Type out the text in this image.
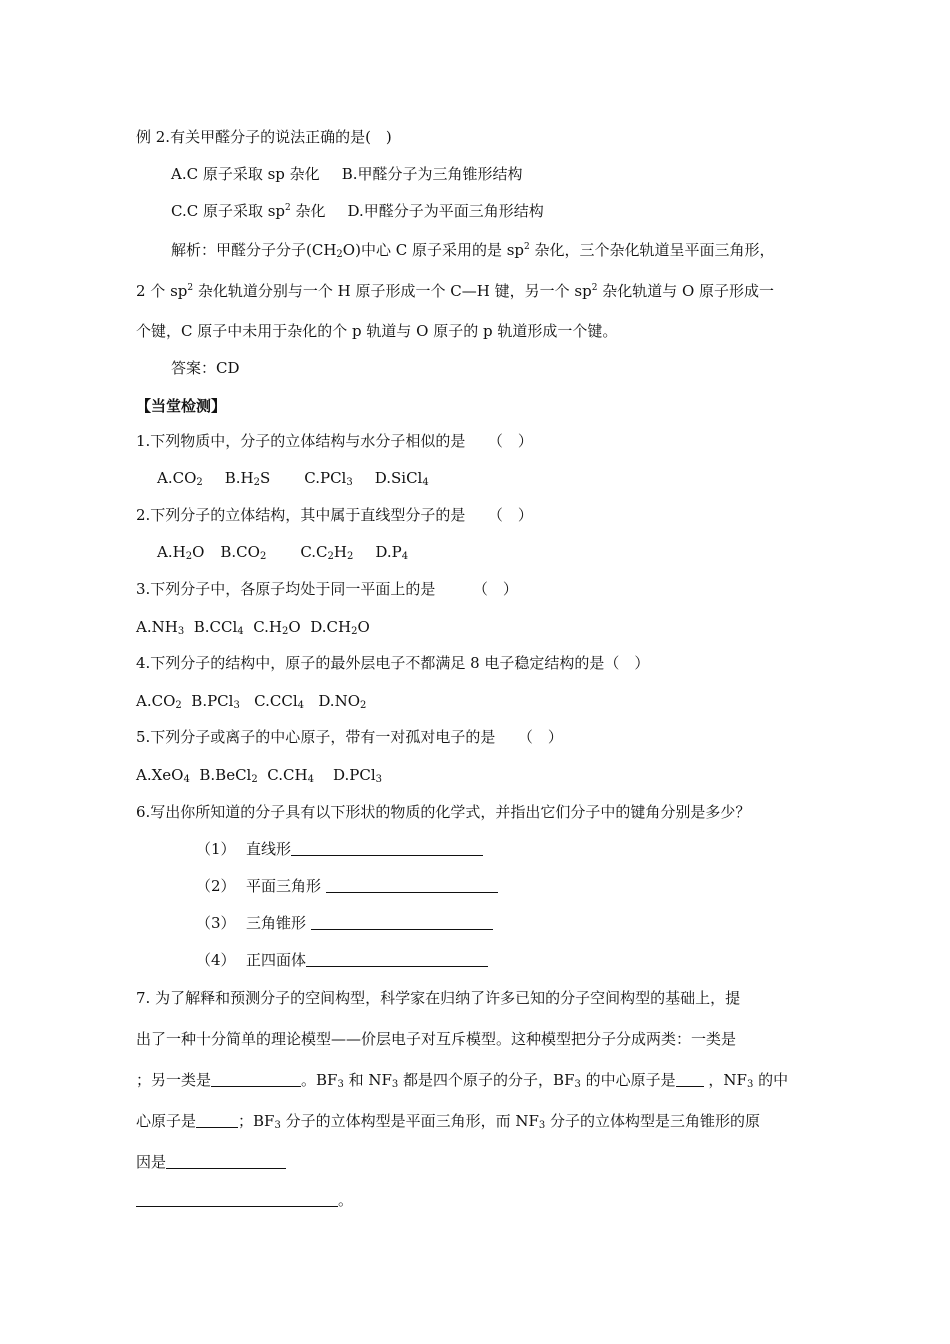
例 2.有关甲醛分子的说法正确的是(　)
A.C 原子采取 sp 杂化 B.甲醛分子为三角锥形结构
C.C 原子采取 $sp^2$ 杂化 D.甲醛分子为平面三角形结构
解析：甲醛分子分子$(CH_2O)$中心 C 原子采用的是 $sp^2$ 杂化，三个杂化轨道呈平面三角形，
2 个 $sp^2$ 杂化轨道分别与一个 H 原子形成一个 C—H 键，另一个 $sp^2$ 杂化轨道与 O 原子形成一
个键，C 原子中未用于杂化的个 p 轨道与 O 原子的 p 轨道形成一个键。
答案：CD
【当堂检测】
1.下列物质中，分子的立体结构与水分子相似的是　　（　）
$A.CO_2$ $B.H_2S$ C.PCl$_3$ D.SiCl$_4$
2.下列分子的立体结构，其中属于直线型分子的是　　（　）
$A.H_2O$ $B.CO_2$ $C.C_2H_2$ $D.P_4$
3.下列分子中，各原子均处于同一平面上的是　　　（　）
$A.NH_3$ B.CCl$_4$ $C.H_2O$ $D.CH_2O$
4.下列分子的结构中，原子的最外层电子不都满足 8 电子稳定结构的是（　）
$A.CO_2$ B.PCl$_3$ C.CCl$_4$ $D.NO_2$
5.下列分子或离子的中心原子，带有一对孤对电子的是　　（　）
A.XeO$_4$ B.BeCl$_2$ $C.CH_4$ D.PCl$_3$
6.写出你所知道的分子具有以下形状的物质的化学式，并指出它们分子中的键角分别是多少？
（1） 直线形
（2） 平面三角形
（3） 三角锥形
（4） 正四面体
7. 为了解释和预测分子的空间构型，科学家在归纳了许多已知的分子空间构型的基础上，提
出了一种十分简单的理论模型——价层电子对互斥模型。这种模型把分子分成两类：一类是
；另一类是	。$BF_3$ 和 $NF_3$ 都是四个原子的分子，$BF_3$ 的中心原子是 ，$NF_3$ 的中
心原子是	；$BF_3$ 分子的立体构型是平面三角形，而 $NF_3$ 分子的立体构型是三角锥形的原
因是
。
